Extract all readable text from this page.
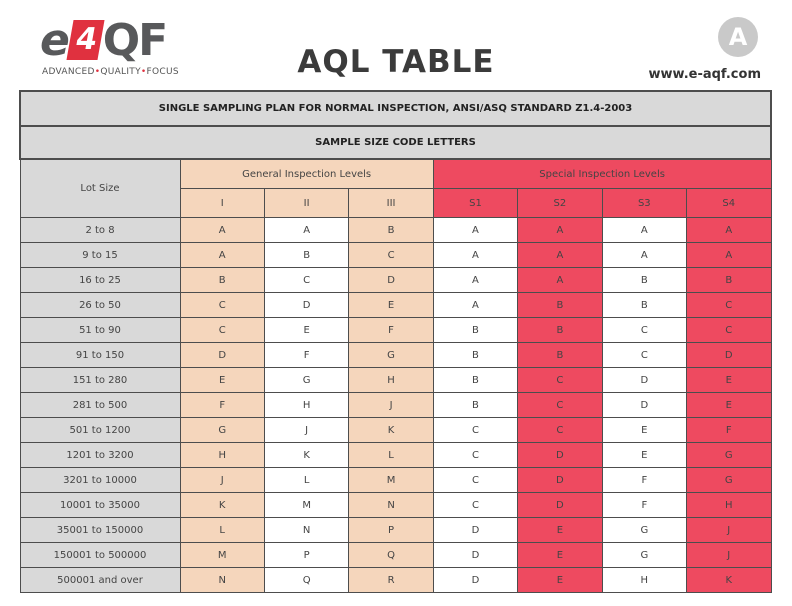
e 4 QF
ADVANCED•QUALITY•FOCUS	AQL TABLE
A
www.e-aqf.com
SINGLE SAMPLING PLAN FOR NORMAL INSPECTION, ANSI/ASQ STANDARD Z1.4-2003							
SAMPLE SIZE CODE LETTERS							
Lot Size	General Inspection Levels			Special Inspection Levels			
	I	II	III	S1	S2	S3	S4
2 to 8	A	A	B	A	A	A	A
9 to 15	A	B	C	A	A	A	A
16 to 25	B	C	D	A	A	B	B
26 to 50	C	D	E	A	B	B	C
51 to 90	C	E	F	B	B	C	C
91 to 150	D	F	G	B	B	C	D
151 to 280	E	G	H	B	C	D	E
281 to 500	F	H	J	B	C	D	E
501 to 1200	G	J	K	C	C	E	F
1201 to 3200	H	K	L	C	D	E	G
3201 to 10000	J	L	M	C	D	F	G
10001 to 35000	K	M	N	C	D	F	H
35001 to 150000	L	N	P	D	E	G	J
150001 to 500000	M	P	Q	D	E	G	J
500001 and over	N	Q	R	D	E	H	K
